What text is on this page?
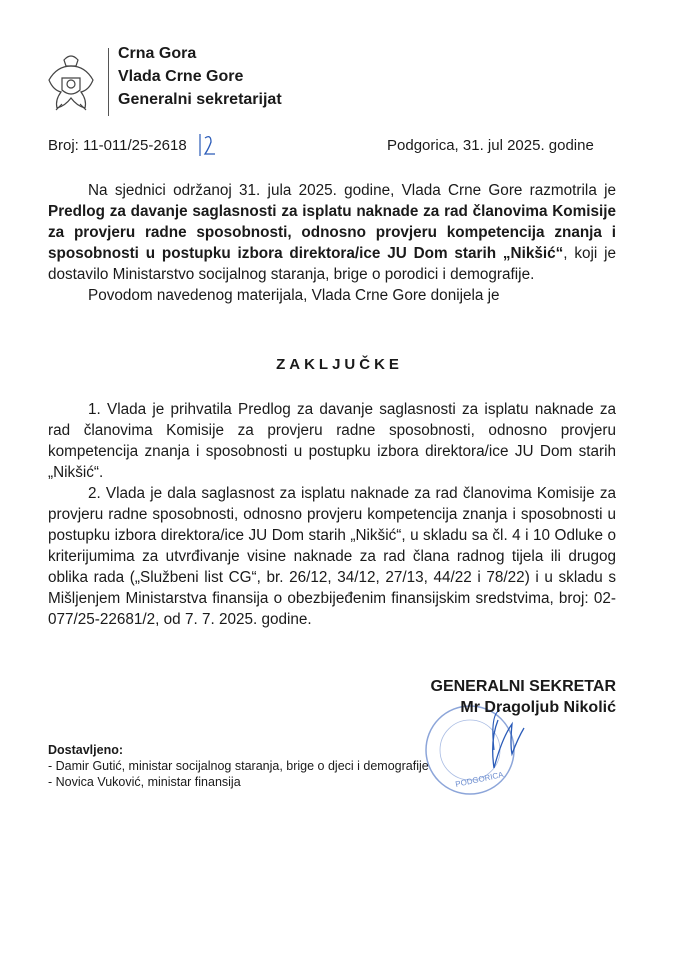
Crna Gora
Vlada Crne Gore
Generalni sekretarijat
Broj: 11-011/25-2618	Podgorica, 31. jul 2025. godine
Na sjednici održanoj 31. jula 2025. godine, Vlada Crne Gore razmotrila je Predlog za davanje saglasnosti za isplatu naknade za rad članovima Komisije za provjeru radne sposobnosti, odnosno provjeru kompetencija znanja i sposobnosti u postupku izbora direktora/ice JU Dom starih „Nikšić“, koji je dostavilo Ministarstvo socijalnog staranja, brige o porodici i demografije.
Povodom navedenog materijala, Vlada Crne Gore donijela je
ZAKLJUČKE
1. Vlada je prihvatila Predlog za davanje saglasnosti za isplatu naknade za rad članovima Komisije za provjeru radne sposobnosti, odnosno provjeru kompetencija znanja i sposobnosti u postupku izbora direktora/ice JU Dom starih „Nikšić“.
2. Vlada je dala saglasnost za isplatu naknade za rad članovima Komisije za provjeru radne sposobnosti, odnosno provjeru kompetencija znanja i sposobnosti u postupku izbora direktora/ice JU Dom starih „Nikšić“, u skladu sa čl. 4 i 10 Odluke o kriterijumima za utvrđivanje visine naknade za rad člana radnog tijela ili drugog oblika rada („Službeni list CG“, br. 26/12, 34/12, 27/13, 44/22 i 78/22) i u skladu s Mišljenjem Ministarstva finansija o obezbijeđenim finansijskim sredstvima, broj: 02-077/25-22681/2, od 7. 7. 2025. godine.
PODGORICA
GENERALNI SEKRETAR
Mr Dragoljub Nikolić
Dostavljeno:
- Damir Gutić, ministar socijalnog staranja, brige o djeci i demografije
- Novica Vuković, ministar finansija
